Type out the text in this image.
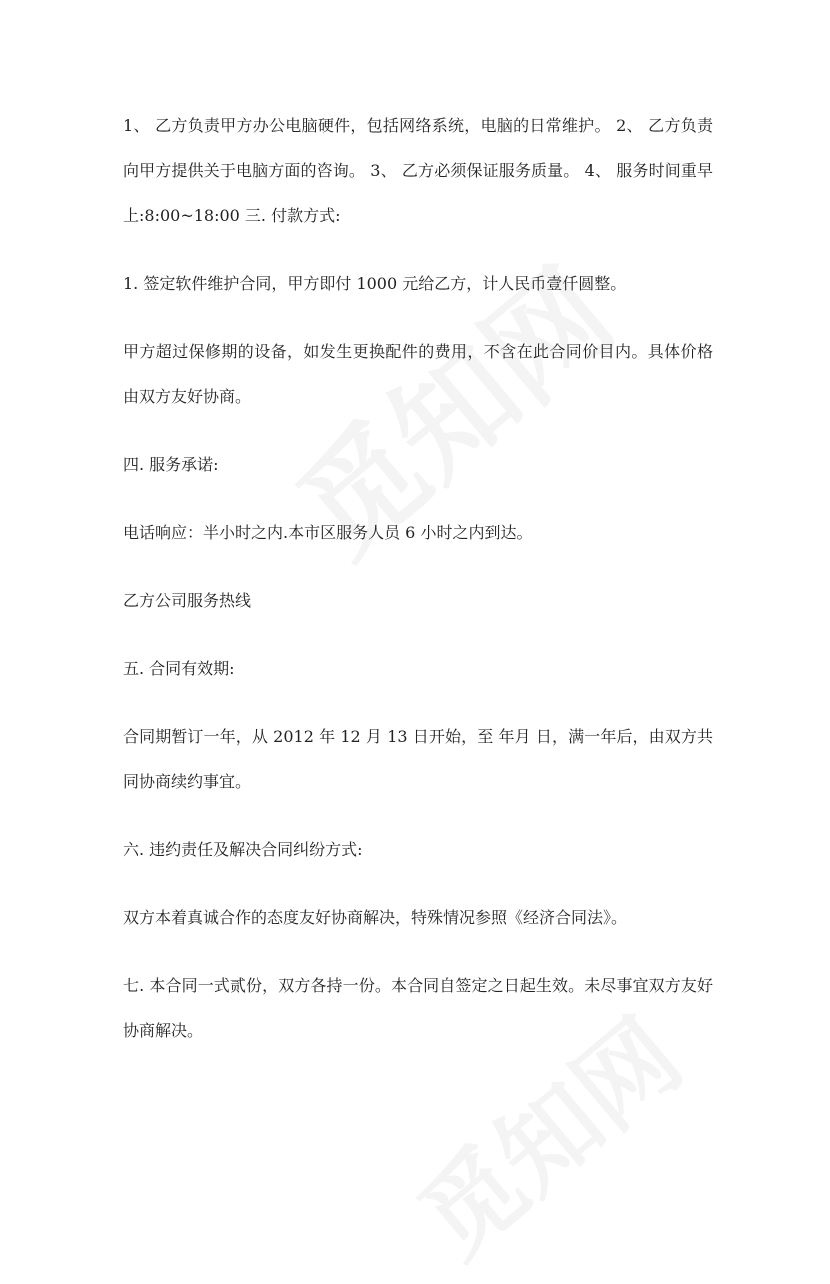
1、 乙方负责甲方办公电脑硬件，包括网络系统，电脑的日常维护。 2、 乙方负责向甲方提供关于电脑方面的咨询。 3、 乙方必须保证服务质量。 4、 服务时间重早上:8:00~18:00 三. 付款方式:

1. 签定软件维护合同，甲方即付 1000 元给乙方，计人民币壹仟圆整。

甲方超过保修期的设备，如发生更换配件的费用，不含在此合同价目内。具体价格由双方友好协商。

四. 服务承诺:

电话响应：半小时之内.本市区服务人员 6 小时之内到达。

乙方公司服务热线

五. 合同有效期:

合同期暂订一年，从 2012 年 12 月 13 日开始，至 年月 日，满一年后，由双方共同协商续约事宜。

六. 违约责任及解决合同纠纷方式:

双方本着真诚合作的态度友好协商解决，特殊情况参照《经济合同法》。

七. 本合同一式贰份，双方各持一份。本合同自签定之日起生效。未尽事宜双方友好协商解决。
